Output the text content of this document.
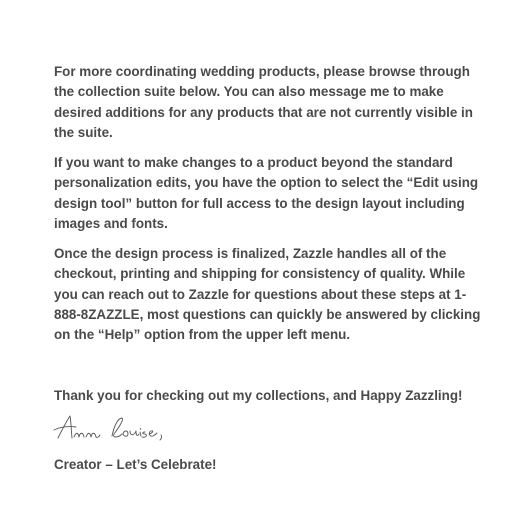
For more coordinating wedding products, please browse through the collection suite below. You can also message me to make desired additions for any products that are not currently visible in the suite.

If you want to make changes to a product beyond the standard personalization edits, you have the option to select the “Edit using design tool” button for full access to the design layout including images and fonts.

Once the design process is finalized, Zazzle handles all of the checkout, printing and shipping for consistency of quality. While you can reach out to Zazzle for questions about these steps at 1-888-8ZAZZLE, most questions can quickly be answered by clicking on the “Help” option from the upper left menu.

Thank you for checking out my collections, and Happy Zazzling!

Creator – Let’s Celebrate!
